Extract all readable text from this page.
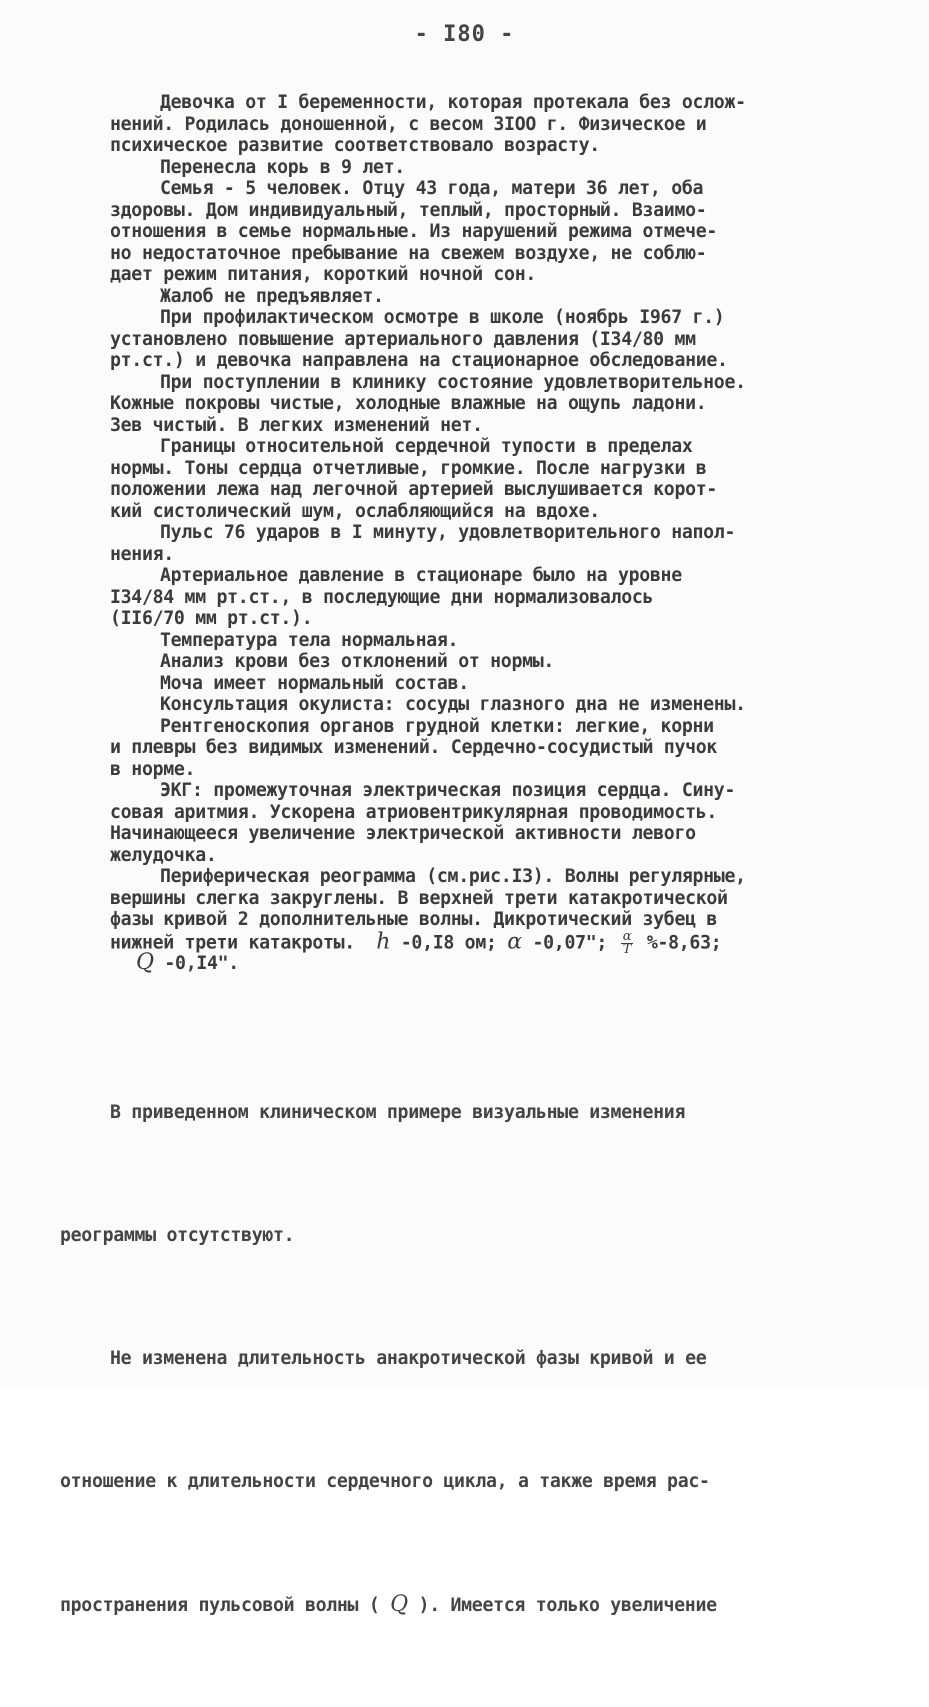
- I80 -
Девочка от I беременности, которая протекала без ослож-
нений. Родилась доношенной, с весом 3IOO г. Физическое и
психическое развитие соответствовало возрасту.
Перенесла корь в 9 лет.
Семья - 5 человек. Отцу 43 года, матери 36 лет, оба
здоровы. Дом индивидуальный, теплый, просторный. Взаимо-
отношения в семье нормальные. Из нарушений режима отмече-
но недостаточное пребывание на свежем воздухе, не соблю-
дает режим питания, короткий ночной сон.
Жалоб не предъявляет.
При профилактическом осмотре в школе (ноябрь I967 г.)
установлено повышение артериального давления (I34/80 мм
рт.ст.) и девочка направлена на стационарное обследование.
При поступлении в клинику состояние удовлетворительное.
Кожные покровы чистые, холодные влажные на ощупь ладони.
Зев чистый. В легких изменений нет.
Границы относительной сердечной тупости в пределах
нормы. Тоны сердца отчетливые, громкие. После нагрузки в
положении лежа над легочной артерией выслушивается корот-
кий систолический шум, ослабляющийся на вдохе.
Пульс 76 ударов в I минуту, удовлетворительного напол-
нения.
Артериальное давление в стационаре было на уровне
I34/84 мм рт.ст., в последующие дни нормализовалось
(II6/70 мм рт.ст.).
Температура тела нормальная.
Анализ крови без отклонений от нормы.
Моча имеет нормальный состав.
Консультация окулиста: сосуды глазного дна не изменены.
Рентгеноскопия органов грудной клетки: легкие, корни
и плевры без видимых изменений. Сердечно-сосудистый пучок
в норме.
ЭКГ: промежуточная электрическая позиция сердца. Сину-
совая аритмия. Ускорена атриовентрикулярная проводимость.
Начинающееся увеличение электрической активности левого
желудочка.
Периферическая реограмма (см.рис.I3). Волны регулярные,
вершины слегка закруглены. В верхней трети катакротической
фазы кривой 2 дополнительные волны. Дикротический зубец в
нижней трети катакроты.  h -0,I8 ом; α -0,07"; $\frac{\alpha}{T} \%-8,63$;
Q -0,I4".

В приведенном клиническом примере визуальные изменения

реограммы отсутствуют.

Не изменена длительность анакротической фазы кривой и ее

отношение к длительности сердечного цикла, а также время рас-

пространения пульсовой волны ( Q ). Имеется только увеличение
